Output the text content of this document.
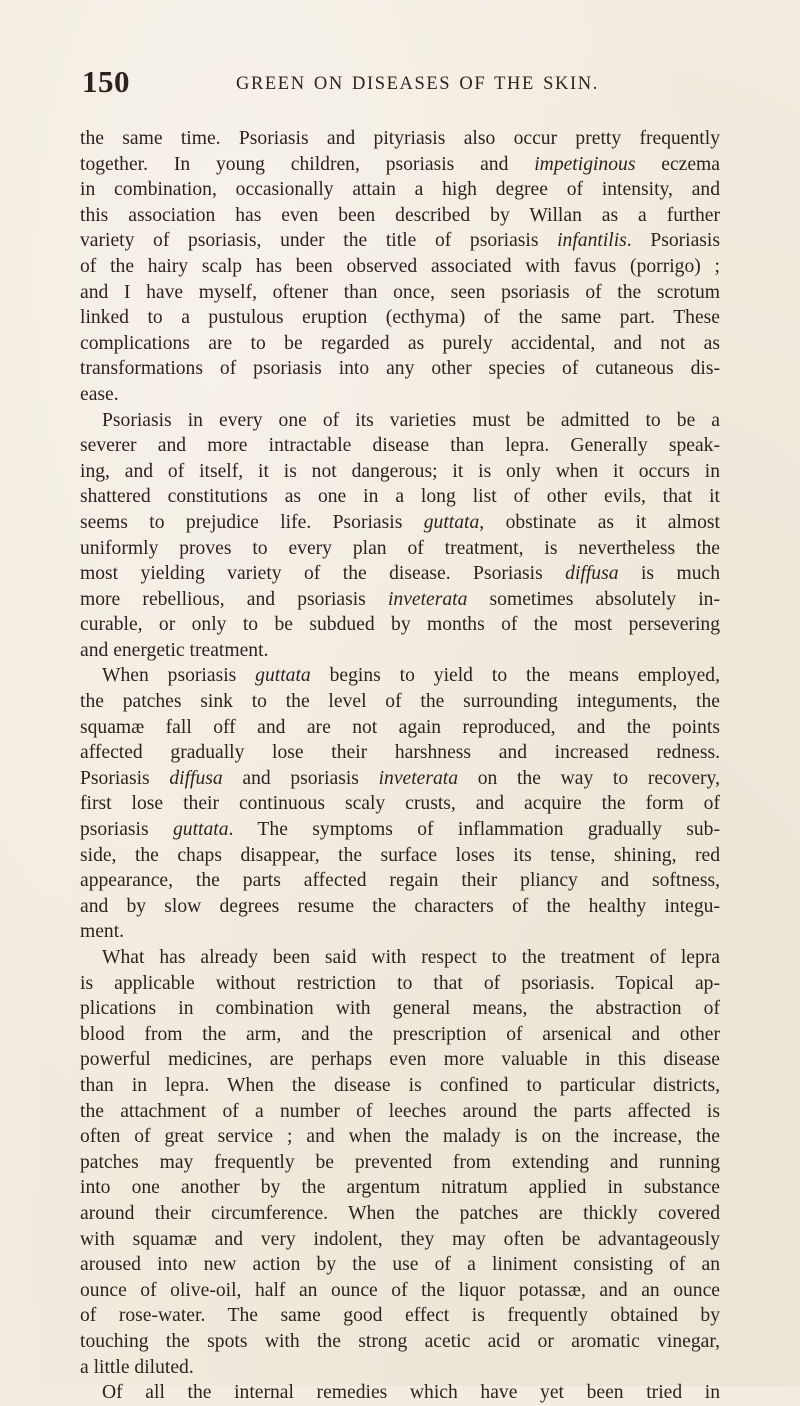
150	GREEN ON DISEASES OF THE SKIN.
the same time. Psoriasis and pityriasis also occur pretty frequently
together. In young children, psoriasis and impetiginous eczema
in combination, occasionally attain a high degree of intensity, and
this association has even been described by Willan as a further
variety of psoriasis, under the title of psoriasis infantilis. Psoriasis
of the hairy scalp has been observed associated with favus (porrigo) ;
and I have myself, oftener than once, seen psoriasis of the scrotum
linked to a pustulous eruption (ecthyma) of the same part. These
complications are to be regarded as purely accidental, and not as
transformations of psoriasis into any other species of cutaneous dis-
ease.
Psoriasis in every one of its varieties must be admitted to be a
severer and more intractable disease than lepra. Generally speak-
ing, and of itself, it is not dangerous; it is only when it occurs in
shattered constitutions as one in a long list of other evils, that it
seems to prejudice life. Psoriasis guttata, obstinate as it almost
uniformly proves to every plan of treatment, is nevertheless the
most yielding variety of the disease. Psoriasis diffusa is much
more rebellious, and psoriasis inveterata sometimes absolutely in-
curable, or only to be subdued by months of the most persevering
and energetic treatment.
When psoriasis guttata begins to yield to the means employed,
the patches sink to the level of the surrounding integuments, the
squamæ fall off and are not again reproduced, and the points
affected gradually lose their harshness and increased redness.
Psoriasis diffusa and psoriasis inveterata on the way to recovery,
first lose their continuous scaly crusts, and acquire the form of
psoriasis guttata. The symptoms of inflammation gradually sub-
side, the chaps disappear, the surface loses its tense, shining, red
appearance, the parts affected regain their pliancy and softness,
and by slow degrees resume the characters of the healthy integu-
ment.
What has already been said with respect to the treatment of lepra
is applicable without restriction to that of psoriasis. Topical ap-
plications in combination with general means, the abstraction of
blood from the arm, and the prescription of arsenical and other
powerful medicines, are perhaps even more valuable in this disease
than in lepra. When the disease is confined to particular districts,
the attachment of a number of leeches around the parts affected is
often of great service ; and when the malady is on the increase, the
patches may frequently be prevented from extending and running
into one another by the argentum nitratum applied in substance
around their circumference. When the patches are thickly covered
with squamæ and very indolent, they may often be advantageously
aroused into new action by the use of a liniment consisting of an
ounce of olive-oil, half an ounce of the liquor potassæ, and an ounce
of rose-water. The same good effect is frequently obtained by
touching the spots with the strong acetic acid or aromatic vinegar,
a little diluted.
Of all the internal remedies which have yet been tried in
